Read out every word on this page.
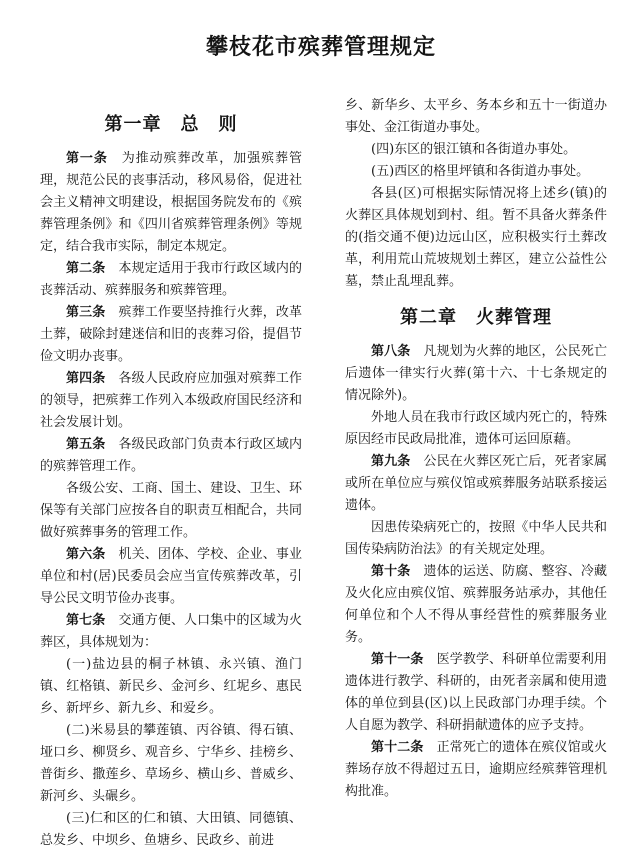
攀枝花市殡葬管理规定
第一章　总　则

第一条　 为推动殡葬改革，加强殡葬管理，规范公民的丧事活动，移风易俗，促进社会主义精神文明建设，根据国务院发布的《殡葬管理条例》和《四川省殡葬管理条例》等规定，结合我市实际，制定本规定。

第二条　 本规定适用于我市行政区域内的丧葬活动、殡葬服务和殡葬管理。

第三条　 殡葬工作要坚持推行火葬，改革土葬，破除封建迷信和旧的丧葬习俗，提倡节俭文明办丧事。

第四条　 各级人民政府应加强对殡葬工作的领导，把殡葬工作列入本级政府国民经济和社会发展计划。

第五条　 各级民政部门负责本行政区域内的殡葬管理工作。

各级公安、工商、国土、建设、卫生、环保等有关部门应按各自的职责互相配合，共同做好殡葬事务的管理工作。

第六条　 机关、团体、学校、企业、事业单位和村(居)民委员会应当宣传殡葬改革，引导公民文明节俭办丧事。

第七条　 交通方便、人口集中的区域为火葬区，具体规划为：

(一)盐边县的桐子林镇、永兴镇、渔门镇、红格镇、新民乡、金河乡、红坭乡、惠民乡、新坪乡、新九乡、和爱乡。

(二)米易县的攀莲镇、丙谷镇、得石镇、垭口乡、柳贤乡、观音乡、宁华乡、挂榜乡、普街乡、撒莲乡、草场乡、横山乡、普威乡、新河乡、头碾乡。

(三)仁和区的仁和镇、大田镇、同德镇、总发乡、中坝乡、鱼塘乡、民政乡、前进

乡、新华乡、太平乡、务本乡和五十一街道办事处、金江街道办事处。

(四)东区的银江镇和各街道办事处。

(五)西区的格里坪镇和各街道办事处。

各县(区)可根据实际情况将上述乡(镇)的火葬区具体规划到村、组。暂不具备火葬条件的(指交通不便)边远山区，应积极实行土葬改革，利用荒山荒坡规划土葬区，建立公益性公墓，禁止乱埋乱葬。

第二章　火葬管理

第八条　 凡规划为火葬的地区，公民死亡后遗体一律实行火葬(第十六、十七条规定的情况除外)。

外地人员在我市行政区域内死亡的，特殊原因经市民政局批准，遗体可运回原藉。

第九条　 公民在火葬区死亡后，死者家属或所在单位应与殡仪馆或殡葬服务站联系接运遗体。

因患传染病死亡的，按照《中华人民共和国传染病防治法》的有关规定处理。

第十条　 遗体的运送、防腐、整容、冷藏及火化应由殡仪馆、殡葬服务站承办，其他任何单位和个人不得从事经营性的殡葬服务业务。

第十一条　 医学教学、科研单位需要利用遗体进行教学、科研的，由死者亲属和使用遗体的单位到县(区)以上民政部门办理手续。个人自愿为教学、科研捐献遗体的应予支持。

第十二条　 正常死亡的遗体在殡仪馆或火葬场存放不得超过五日，逾期应经殡葬管理机构批准。
